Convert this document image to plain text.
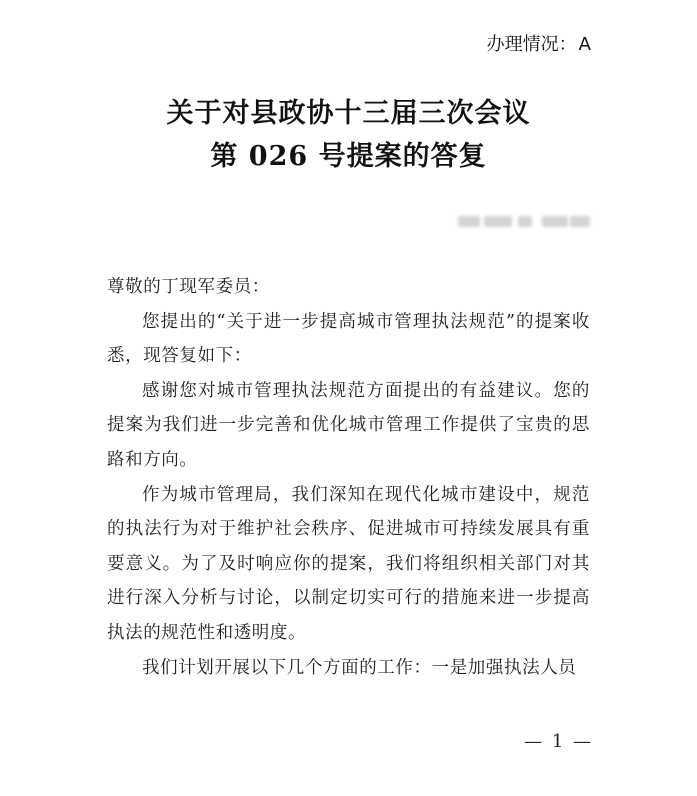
办理情况： A
关于对县政协十三届三次会议
第 026 号提案的答复

尊敬的丁现军委员：

您提出的“关于进一步提高城市管理执法规范”的提案收悉，现答复如下：

感谢您对城市管理执法规范方面提出的有益建议。您的提案为我们进一步完善和优化城市管理工作提供了宝贵的思路和方向。

作为城市管理局，我们深知在现代化城市建设中，规范的执法行为对于维护社会秩序、促进城市可持续发展具有重要意义。为了及时响应你的提案，我们将组织相关部门对其进行深入分析与讨论，以制定切实可行的措施来进一步提高执法的规范性和透明度。

我们计划开展以下几个方面的工作：一是加强执法人员

— 1 —
